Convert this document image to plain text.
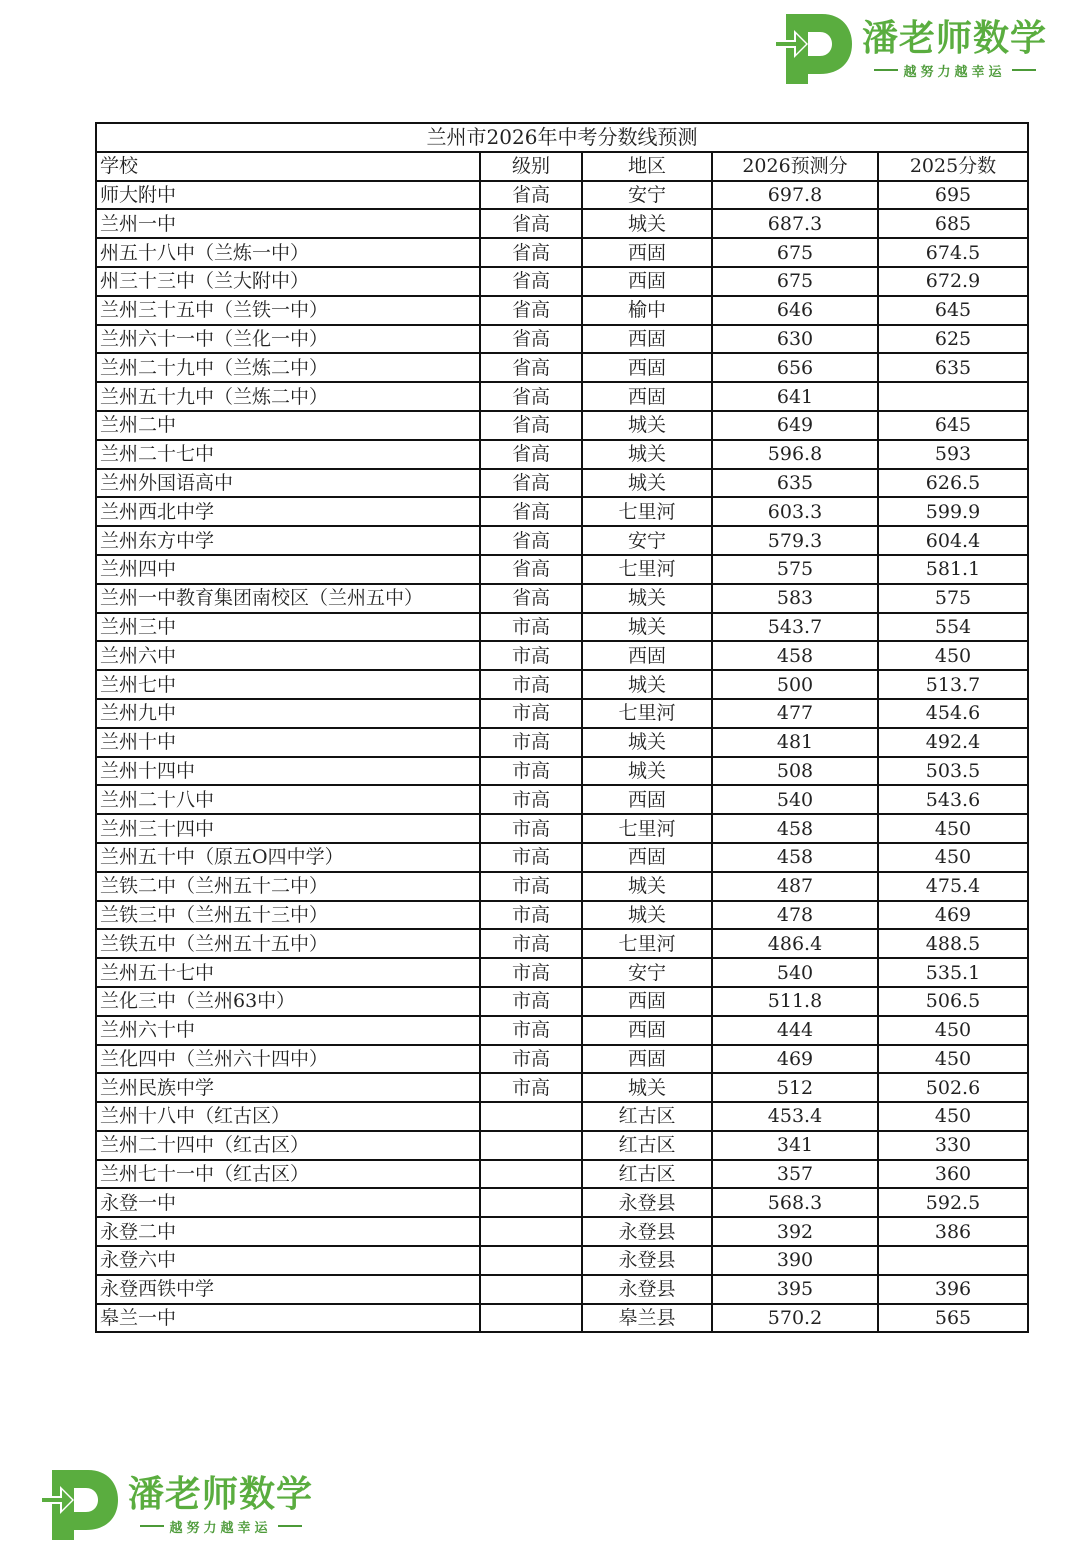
潘老师数学
越努力越幸运
兰州市2026年中考分数线预测				
学校	级别	地区	2026预测分	2025分数
师大附中	省高	安宁	697.8	695
兰州一中	省高	城关	687.3	685
州五十八中（兰炼一中）	省高	西固	675	674.5
州三十三中（兰大附中）	省高	西固	675	672.9
兰州三十五中（兰铁一中）	省高	榆中	646	645
兰州六十一中（兰化一中）	省高	西固	630	625
兰州二十九中（兰炼二中）	省高	西固	656	635
兰州五十九中（兰炼二中）	省高	西固	641	
兰州二中	省高	城关	649	645
兰州二十七中	省高	城关	596.8	593
兰州外国语高中	省高	城关	635	626.5
兰州西北中学	省高	七里河	603.3	599.9
兰州东方中学	省高	安宁	579.3	604.4
兰州四中	省高	七里河	575	581.1
兰州一中教育集团南校区（兰州五中）	省高	城关	583	575
兰州三中	市高	城关	543.7	554
兰州六中	市高	西固	458	450
兰州七中	市高	城关	500	513.7
兰州九中	市高	七里河	477	454.6
兰州十中	市高	城关	481	492.4
兰州十四中	市高	城关	508	503.5
兰州二十八中	市高	西固	540	543.6
兰州三十四中	市高	七里河	458	450
兰州五十中（原五O四中学）	市高	西固	458	450
兰铁二中（兰州五十二中）	市高	城关	487	475.4
兰铁三中（兰州五十三中）	市高	城关	478	469
兰铁五中（兰州五十五中）	市高	七里河	486.4	488.5
兰州五十七中	市高	安宁	540	535.1
兰化三中（兰州63中）	市高	西固	511.8	506.5
兰州六十中	市高	西固	444	450
兰化四中（兰州六十四中）	市高	西固	469	450
兰州民族中学	市高	城关	512	502.6
兰州十八中（红古区）		红古区	453.4	450
兰州二十四中（红古区）		红古区	341	330
兰州七十一中（红古区）		红古区	357	360
永登一中		永登县	568.3	592.5
永登二中		永登县	392	386
永登六中		永登县	390	
永登西铁中学		永登县	395	396
皋兰一中		皋兰县	570.2	565
潘老师数学
越努力越幸运
